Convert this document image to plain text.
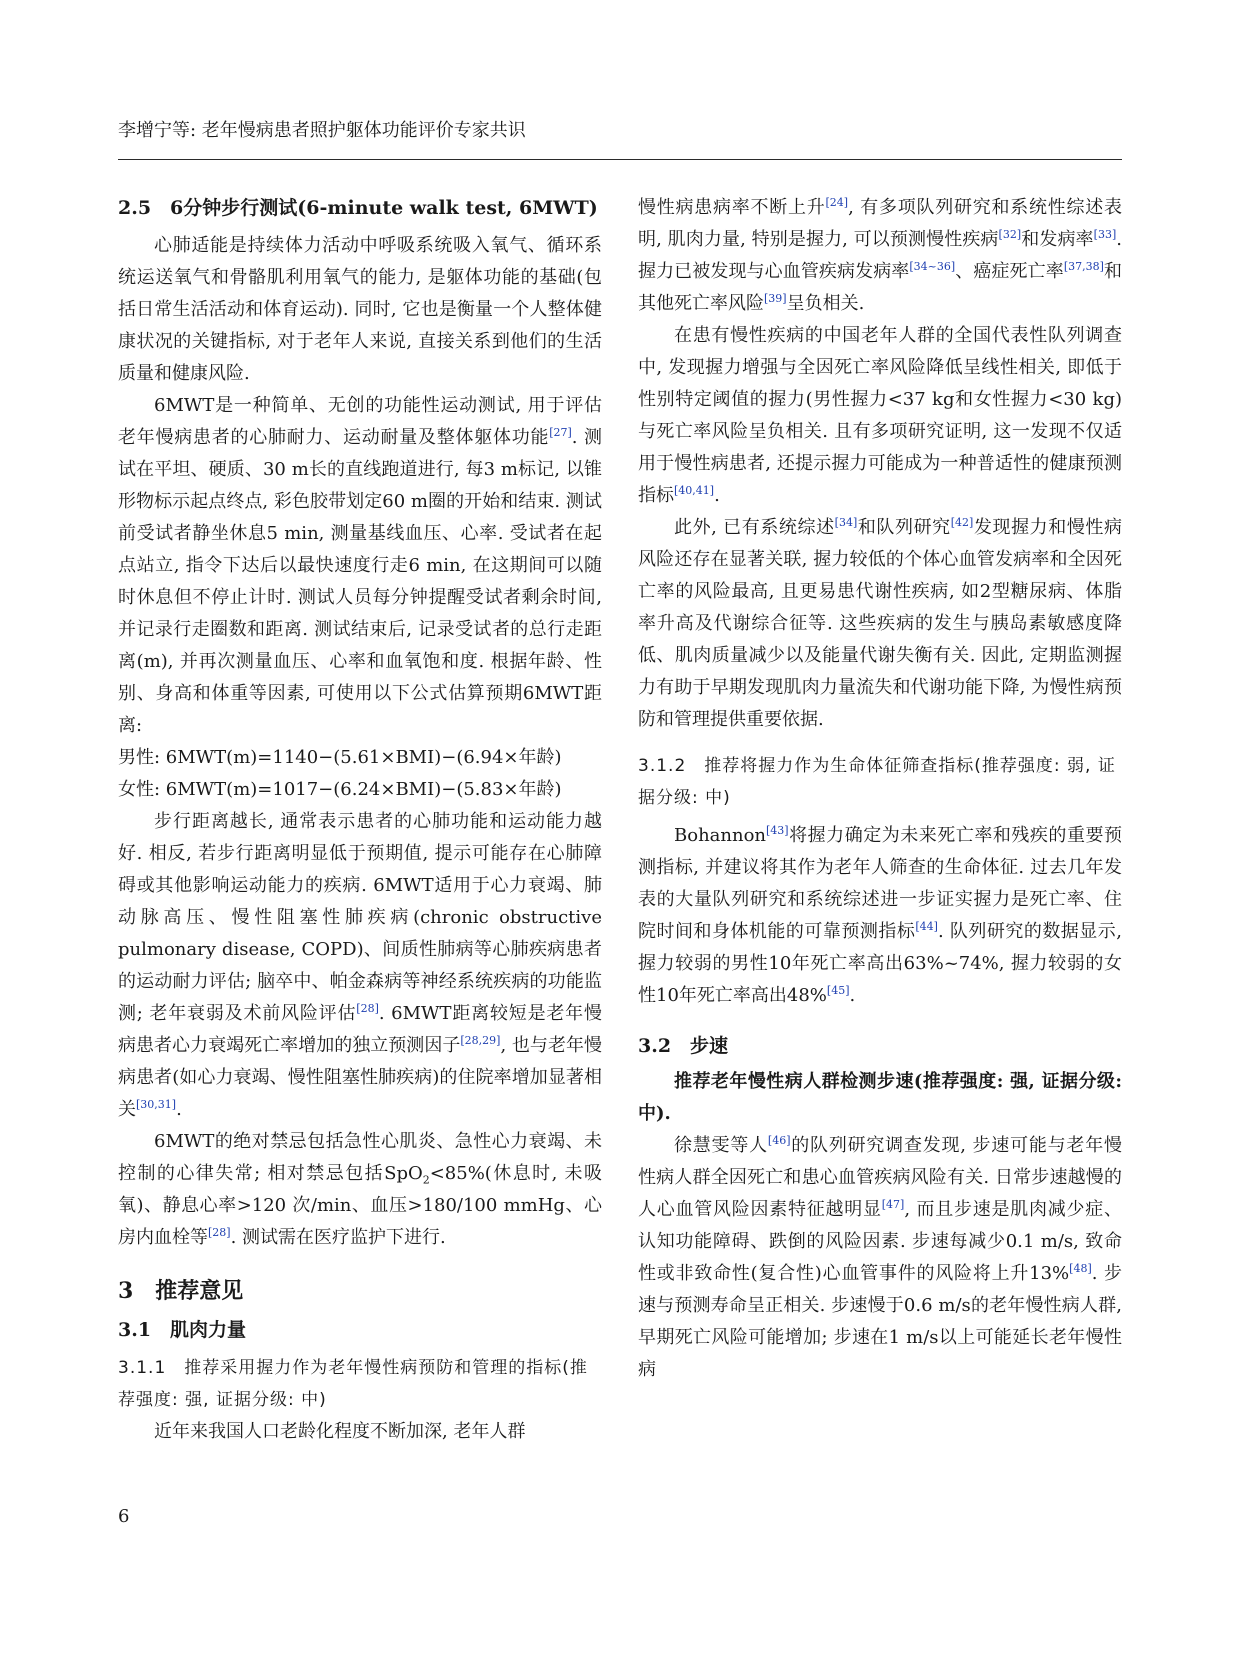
李增宁等: 老年慢病患者照护躯体功能评价专家共识
2.5　6分钟步行测试(6-minute walk test, 6MWT)

心肺适能是持续体力活动中呼吸系统吸入氧气、循环系统运送氧气和骨骼肌利用氧气的能力, 是躯体功能的基础(包括日常生活活动和体育运动). 同时, 它也是衡量一个人整体健康状况的关键指标, 对于老年人来说, 直接关系到他们的生活质量和健康风险.

6MWT是一种简单、无创的功能性运动测试, 用于评估老年慢病患者的心肺耐力、运动耐量及整体躯体功能[27]. 测试在平坦、硬质、30 m长的直线跑道进行, 每3 m标记, 以锥形物标示起点终点, 彩色胶带划定60 m圈的开始和结束. 测试前受试者静坐休息5 min, 测量基线血压、心率. 受试者在起点站立, 指令下达后以最快速度行走6 min, 在这期间可以随时休息但不停止计时. 测试人员每分钟提醒受试者剩余时间, 并记录行走圈数和距离. 测试结束后, 记录受试者的总行走距离(m), 并再次测量血压、心率和血氧饱和度. 根据年龄、性别、身高和体重等因素, 可使用以下公式估算预期6MWT距离:

男性: 6MWT(m)=1140−(5.61×BMI)−(6.94×年龄)
女性: 6MWT(m)=1017−(6.24×BMI)−(5.83×年龄)

步行距离越长, 通常表示患者的心肺功能和运动能力越好. 相反, 若步行距离明显低于预期值, 提示可能存在心肺障碍或其他影响运动能力的疾病. 6MWT适用于心力衰竭、肺动脉高压、慢性阻塞性肺疾病(chronic obstructive pulmonary disease, COPD)、间质性肺病等心肺疾病患者的运动耐力评估; 脑卒中、帕金森病等神经系统疾病的功能监测; 老年衰弱及术前风险评估[28]. 6MWT距离较短是老年慢病患者心力衰竭死亡率增加的独立预测因子[28,29], 也与老年慢病患者(如心力衰竭、慢性阻塞性肺疾病)的住院率增加显著相关[30,31].

6MWT的绝对禁忌包括急性心肌炎、急性心力衰竭、未控制的心律失常; 相对禁忌包括SpO$_2$<85%(休息时, 未吸氧)、静息心率>120 次/min、血压>180/100 mmHg、心房内血栓等[28]. 测试需在医疗监护下进行.

3　推荐意见
3.1　肌肉力量
3.1.1　推荐采用握力作为老年慢性病预防和管理的指标(推荐强度: 强, 证据分级: 中)

近年来我国人口老龄化程度不断加深, 老年人群

慢性病患病率不断上升[24], 有多项队列研究和系统性综述表明, 肌肉力量, 特别是握力, 可以预测慢性疾病[32]和发病率[33]. 握力已被发现与心血管疾病发病率[34~36]、癌症死亡率[37,38]和其他死亡率风险[39]呈负相关.

在患有慢性疾病的中国老年人群的全国代表性队列调查中, 发现握力增强与全因死亡率风险降低呈线性相关, 即低于性别特定阈值的握力(男性握力<37 kg和女性握力<30 kg)与死亡率风险呈负相关. 且有多项研究证明, 这一发现不仅适用于慢性病患者, 还提示握力可能成为一种普适性的健康预测指标[40,41].

此外, 已有系统综述[34]和队列研究[42]发现握力和慢性病风险还存在显著关联, 握力较低的个体心血管发病率和全因死亡率的风险最高, 且更易患代谢性疾病, 如2型糖尿病、体脂率升高及代谢综合征等. 这些疾病的发生与胰岛素敏感度降低、肌肉质量减少以及能量代谢失衡有关. 因此, 定期监测握力有助于早期发现肌肉力量流失和代谢功能下降, 为慢性病预防和管理提供重要依据.

3.1.2　推荐将握力作为生命体征筛查指标(推荐强度: 弱, 证据分级: 中)

Bohannon[43]将握力确定为未来死亡率和残疾的重要预测指标, 并建议将其作为老年人筛查的生命体征. 过去几年发表的大量队列研究和系统综述进一步证实握力是死亡率、住院时间和身体机能的可靠预测指标[44]. 队列研究的数据显示, 握力较弱的男性10年死亡率高出63%~74%, 握力较弱的女性10年死亡率高出48%[45].

3.2　步速

推荐老年慢性病人群检测步速(推荐强度: 强, 证据分级: 中).

徐慧雯等人[46]的队列研究调查发现, 步速可能与老年慢性病人群全因死亡和患心血管疾病风险有关. 日常步速越慢的人心血管风险因素特征越明显[47], 而且步速是肌肉减少症、认知功能障碍、跌倒的风险因素. 步速每减少0.1 m/s, 致命性或非致命性(复合性)心血管事件的风险将上升13%[48]. 步速与预测寿命呈正相关. 步速慢于0.6 m/s的老年慢性病人群, 早期死亡风险可能增加; 步速在1 m/s以上可能延长老年慢性病

6
